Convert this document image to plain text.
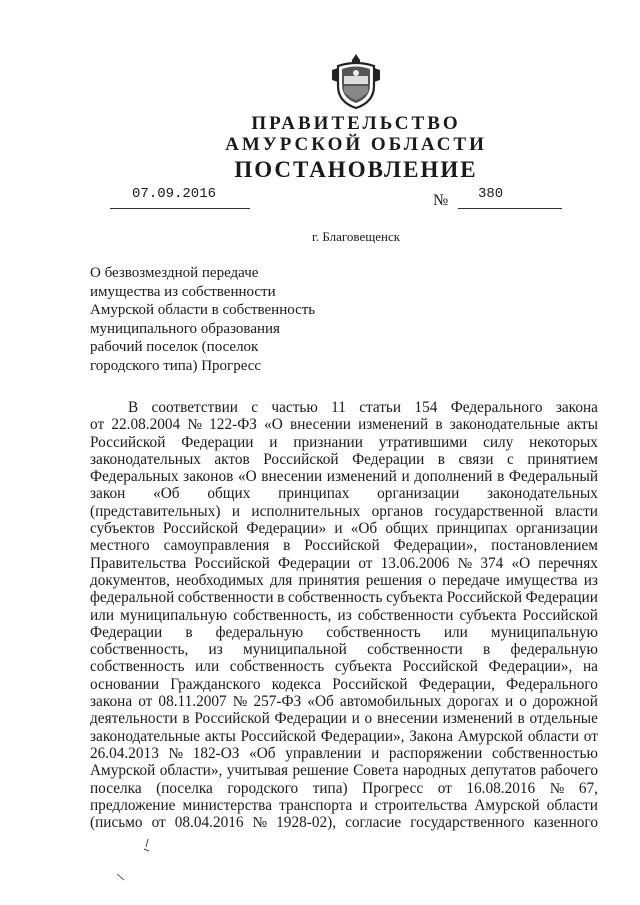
ПРАВИТЕЛЬСТВО
АМУРСКОЙ ОБЛАСТИ
ПОСТАНОВЛЕНИЕ
07.09.2016	№ 380
г. Благовещенск
О безвозмездной передаче
имущества из собственности
Амурской области в собственность
муниципального образования
рабочий поселок (поселок
городского типа) Прогресс
В соответствии с частью 11 статьи 154 Федерального закона
от 22.08.2004 № 122-ФЗ «О внесении изменений в законодательные акты
Российской Федерации и признании утратившими силу некоторых
законодательных актов Российской Федерации в связи с принятием
Федеральных законов «О внесении изменений и дополнений в Федеральный
закон «Об общих принципах организации законодательных
(представительных) и исполнительных органов государственной власти
субъектов Российской Федерации» и «Об общих принципах организации
местного самоуправления в Российской Федерации», постановлением
Правительства Российской Федерации от 13.06.2006 № 374 «О перечнях
документов, необходимых для принятия решения о передаче имущества из
федеральной собственности в собственность субъекта Российской Федерации
или муниципальную собственность, из собственности субъекта Российской
Федерации в федеральную собственность или муниципальную
собственность, из муниципальной собственности в федеральную
собственность или собственность субъекта Российской Федерации», на
основании Гражданского кодекса Российской Федерации, Федерального
закона от 08.11.2007 № 257-ФЗ «Об автомобильных дорогах и о дорожной
деятельности в Российской Федерации и о внесении изменений в отдельные
законодательные акты Российской Федерации», Закона Амурской области от
26.04.2013 № 182-ОЗ «Об управлении и распоряжении собственностью
Амурской области», учитывая решение Совета народных депутатов рабочего
поселка (поселка городского типа) Прогресс от 16.08.2016 № 67,
предложение министерства транспорта и строительства Амурской области
(письмо от 08.04.2016 № 1928-02), согласие государственного казенного
